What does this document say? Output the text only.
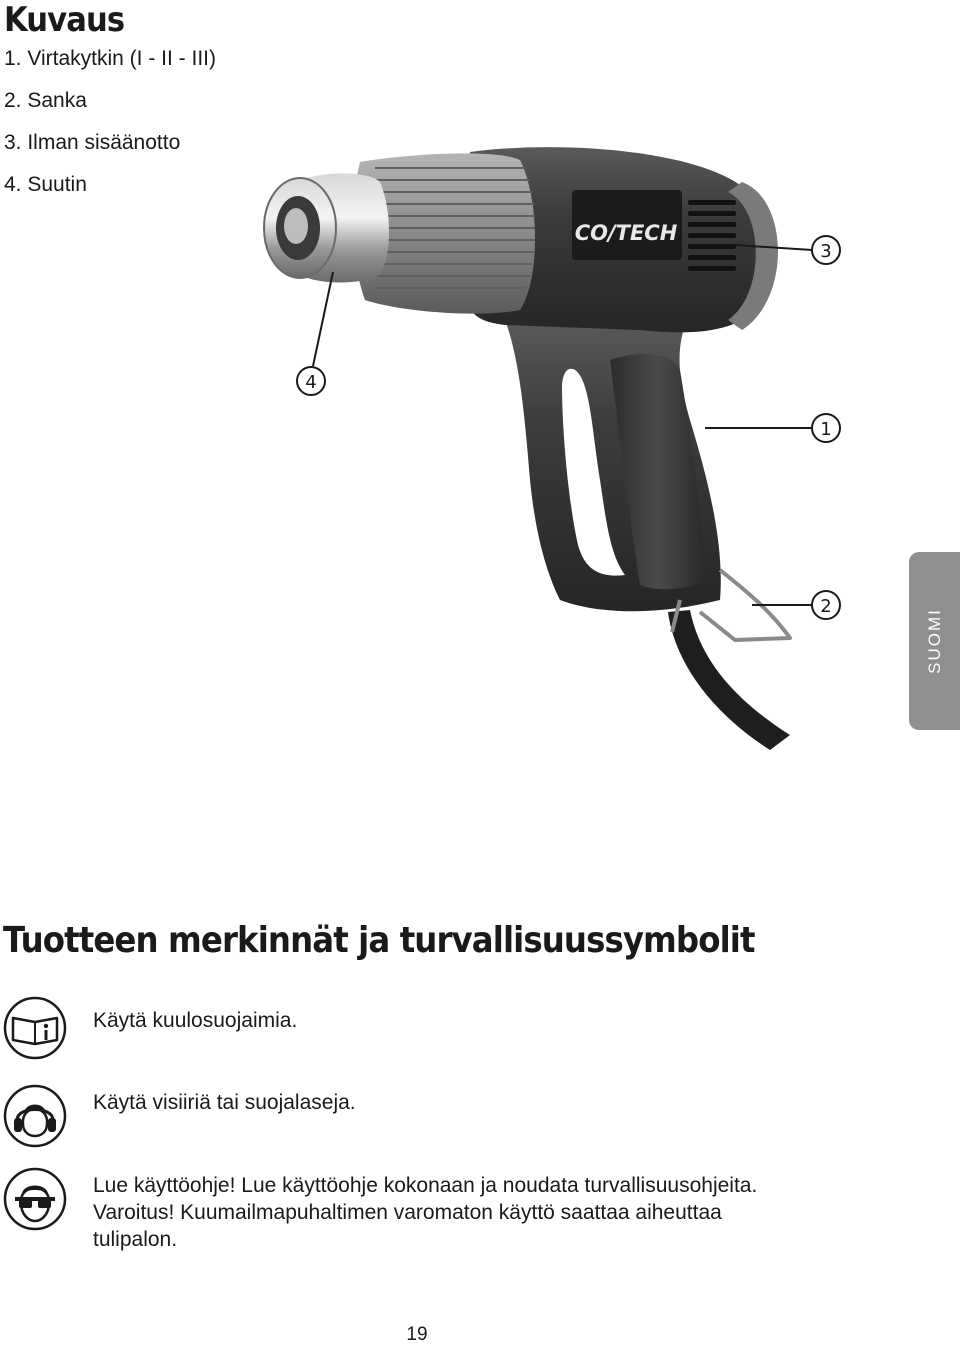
Kuvaus
1. Virtakytkin (I - II - III)
2. Sanka
3. Ilman sisäänotto
4. Suutin
CO/TECH
3
4
1
2
SUOMI
Tuotteen merkinnät ja turvallisuussymbolit

Käytä kuulosuojaimia.

Käytä visiiriä tai suojalaseja.

Lue käyttöohje! Lue käyttöohje kokonaan ja noudata turvallisuusohjeita.
Varoitus! Kuumailmapuhaltimen varomaton käyttö saattaa aiheuttaa
tulipalon.

19
